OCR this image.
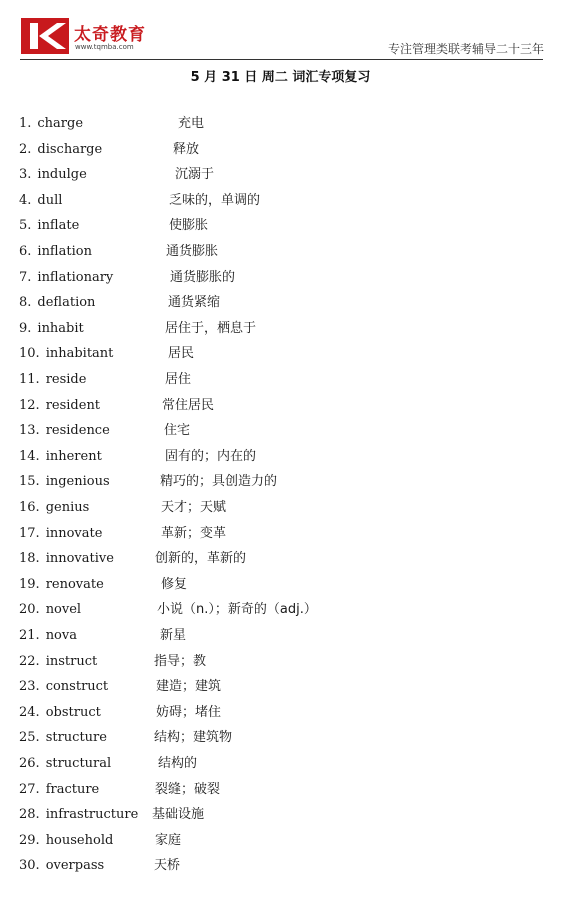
太奇教育
www.tqmba.com	专注管理类联考辅导二十三年
5 月 31 日 周二 词汇专项复习
1. charge	充电
2. discharge	释放
3. indulge	沉溺于
4. dull	乏味的，单调的
5. inflate	使膨胀
6. inflation	通货膨胀
7. inflationary	通货膨胀的
8. deflation	通货紧缩
9. inhabit	居住于，栖息于
10. inhabitant	居民
11. reside	居住
12. resident	常住居民
13. residence	住宅
14. inherent	固有的；内在的
15. ingenious	精巧的；具创造力的
16. genius	天才；天赋
17. innovate	革新；变革
18. innovative	创新的，革新的
19. renovate	修复
20. novel	小说（n.）；新奇的（adj.）
21. nova	新星
22. instruct	指导；教
23. construct	建造；建筑
24. obstruct	妨碍；堵住
25. structure	结构；建筑物
26. structural	结构的
27. fracture	裂缝；破裂
28. infrastructure 基础设施
29. household	家庭
30. overpass	天桥
